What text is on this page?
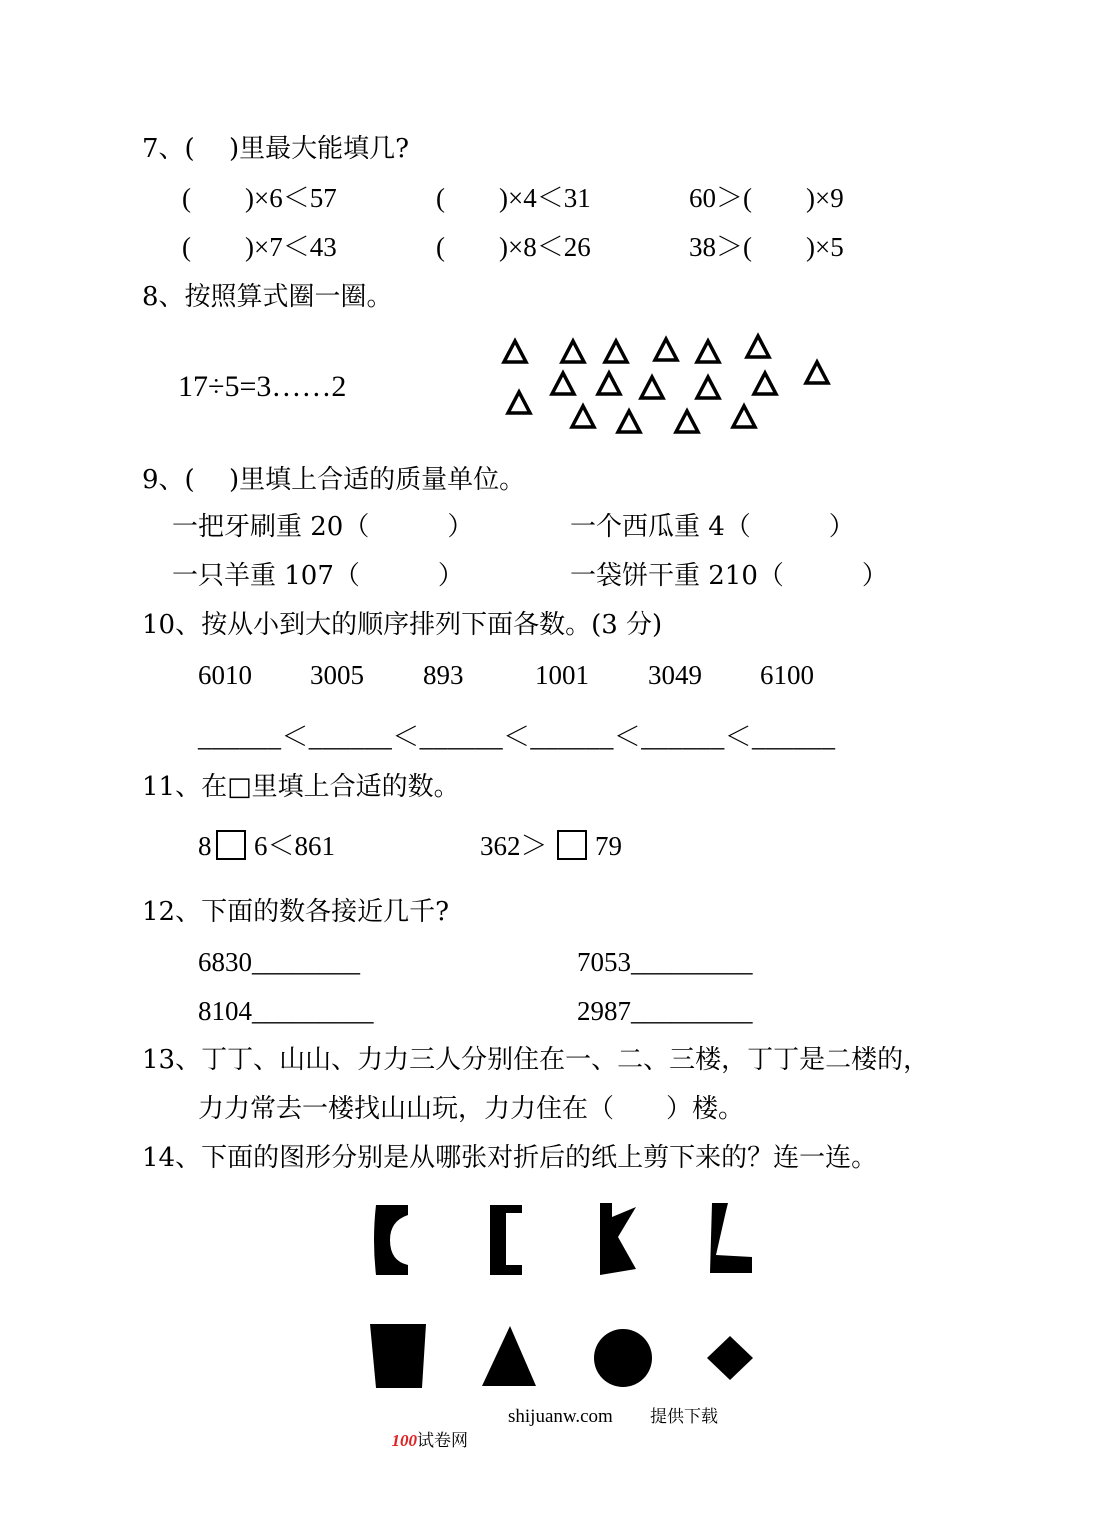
7、(　 )里最大能填几?
(　　)×6＜57	(　　)×4＜31	60＞(　　)×9
(　　)×7＜43	(　　)×8＜26	38＞(　　)×5
8、按照算式圈一圈。
17÷5=3……2
9、(　 )里填上合适的质量单位。
一把牙刷重 20（　　　）	一个西瓜重 4（　　　）
一只羊重 107（　　　）	一袋饼干重 210（　　　）
10、按从小到大的顺序排列下面各数。(3 分)
6010 3005 893	1001 3049 6100
______＜______＜______＜______＜______＜______
11、在□里填上合适的数。
8 6＜861	362＞ 79
12、下面的数各接近几千?
6830________	7053_________
8104_________	2987_________
13、丁丁、山山、力力三人分别住在一、二、三楼，丁丁是二楼的，
力力常去一楼找山山玩，力力住在（　　）楼。
14、下面的图形分别是从哪张对折后的纸上剪下来的？连一连。

100试卷网

shijuanw.com 提供下载
